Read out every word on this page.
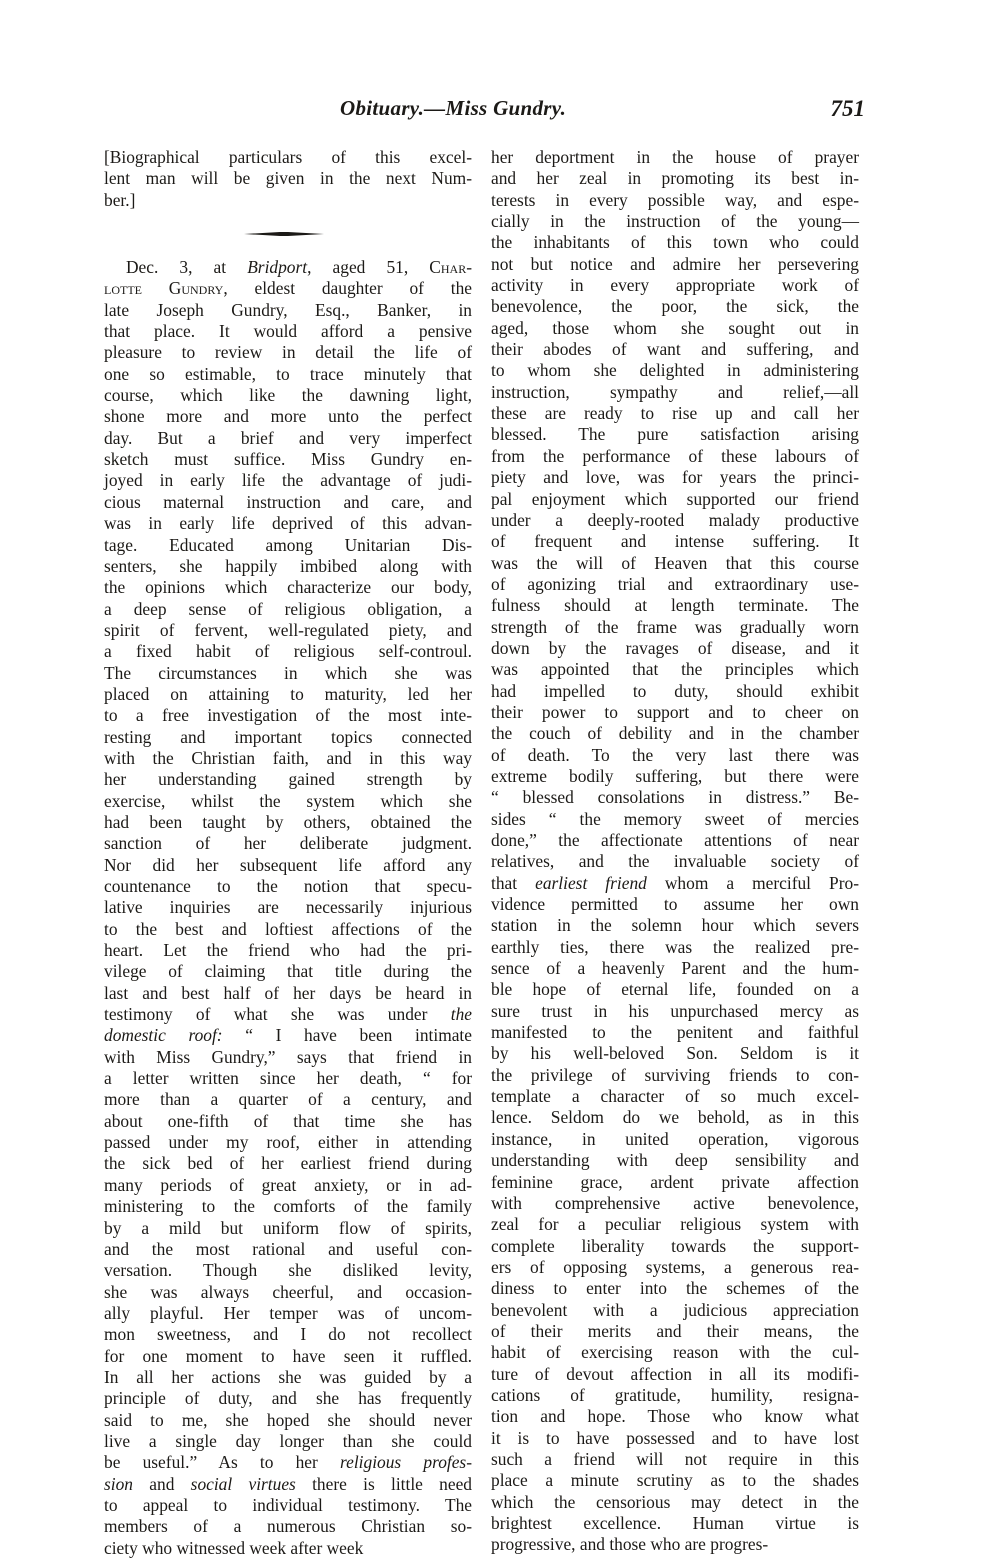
Obituary.—Miss Gundry.	751
[Biographical particulars of this excel-
lent man will be given in the next Num-
ber.]
Dec. 3, at Bridport, aged 51, Char-
lotte Gundry, eldest daughter of the
late Joseph Gundry, Esq., Banker, in
that place. It would afford a pensive
pleasure to review in detail the life of
one so estimable, to trace minutely that
course, which like the dawning light,
shone more and more unto the perfect
day. But a brief and very imperfect
sketch must suffice. Miss Gundry en-
joyed in early life the advantage of judi-
cious maternal instruction and care, and
was in early life deprived of this advan-
tage. Educated among Unitarian Dis-
senters, she happily imbibed along with
the opinions which characterize our body,
a deep sense of religious obligation, a
spirit of fervent, well-regulated piety, and
a fixed habit of religious self-controul.
The circumstances in which she was
placed on attaining to maturity, led her
to a free investigation of the most inte-
resting and important topics connected
with the Christian faith, and in this way
her understanding gained strength by
exercise, whilst the system which she
had been taught by others, obtained the
sanction of her deliberate judgment.
Nor did her subsequent life afford any
countenance to the notion that specu-
lative inquiries are necessarily injurious
to the best and loftiest affections of the
heart. Let the friend who had the pri-
vilege of claiming that title during the
last and best half of her days be heard in
testimony of what she was under the
domestic roof: “ I have been intimate
with Miss Gundry,” says that friend in
a letter written since her death, “ for
more than a quarter of a century, and
about one-fifth of that time she has
passed under my roof, either in attending
the sick bed of her earliest friend during
many periods of great anxiety, or in ad-
ministering to the comforts of the family
by a mild but uniform flow of spirits,
and the most rational and useful con-
versation. Though she disliked levity,
she was always cheerful, and occasion-
ally playful. Her temper was of uncom-
mon sweetness, and I do not recollect
for one moment to have seen it ruffled.
In all her actions she was guided by a
principle of duty, and she has frequently
said to me, she hoped she should never
live a single day longer than she could
be useful.” As to her religious profes-
sion and social virtues there is little need
to appeal to individual testimony. The
members of a numerous Christian so-
ciety who witnessed week after week
her deportment in the house of prayer
and her zeal in promoting its best in-
terests in every possible way, and espe-
cially in the instruction of the young—
the inhabitants of this town who could
not but notice and admire her persevering
activity in every appropriate work of
benevolence, the poor, the sick, the
aged, those whom she sought out in
their abodes of want and suffering, and
to whom she delighted in administering
instruction, sympathy and relief,—all
these are ready to rise up and call her
blessed. The pure satisfaction arising
from the performance of these labours of
piety and love, was for years the princi-
pal enjoyment which supported our friend
under a deeply-rooted malady productive
of frequent and intense suffering. It
was the will of Heaven that this course
of agonizing trial and extraordinary use-
fulness should at length terminate. The
strength of the frame was gradually worn
down by the ravages of disease, and it
was appointed that the principles which
had impelled to duty, should exhibit
their power to support and to cheer on
the couch of debility and in the chamber
of death. To the very last there was
extreme bodily suffering, but there were
“ blessed consolations in distress.” Be-
sides “ the memory sweet of mercies
done,” the affectionate attentions of near
relatives, and the invaluable society of
that earliest friend whom a merciful Pro-
vidence permitted to assume her own
station in the solemn hour which severs
earthly ties, there was the realized pre-
sence of a heavenly Parent and the hum-
ble hope of eternal life, founded on a
sure trust in his unpurchased mercy as
manifested to the penitent and faithful
by his well-beloved Son. Seldom is it
the privilege of surviving friends to con-
template a character of so much excel-
lence. Seldom do we behold, as in this
instance, in united operation, vigorous
understanding with deep sensibility and
feminine grace, ardent private affection
with comprehensive active benevolence,
zeal for a peculiar religious system with
complete liberality towards the support-
ers of opposing systems, a generous rea-
diness to enter into the schemes of the
benevolent with a judicious appreciation
of their merits and their means, the
habit of exercising reason with the cul-
ture of devout affection in all its modifi-
cations of gratitude, humility, resigna-
tion and hope. Those who know what
it is to have possessed and to have lost
such a friend will not require in this
place a minute scrutiny as to the shades
which the censorious may detect in the
brightest excellence. Human virtue is
progressive, and those who are progres-
